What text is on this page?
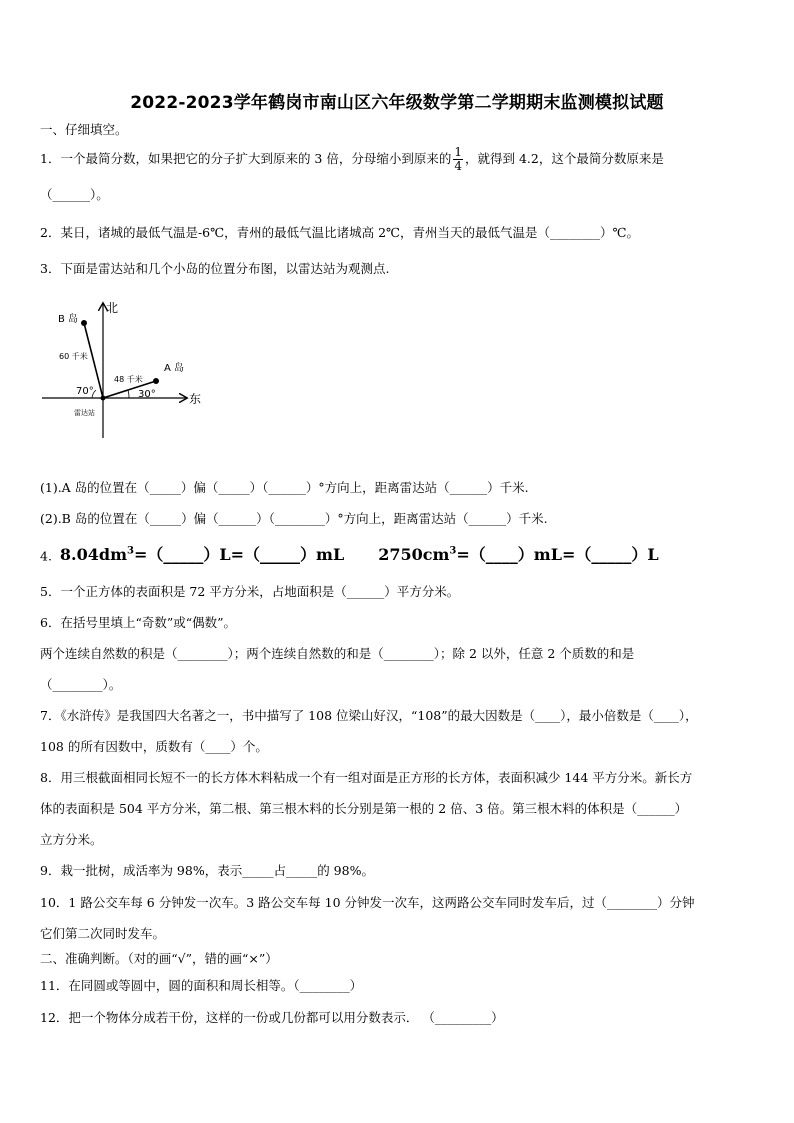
2022-2023学年鹤岗市南山区六年级数学第二学期期末监测模拟试题
一、仔细填空。
1．一个最简分数，如果把它的分子扩大到原来的 3 倍，分母缩小到原来的 $\frac{1}{4}$ ，就得到 4.2，这个最简分数原来是
（______）。
2．某日，诸城的最低气温是-6℃，青州的最低气温比诸城高 2℃，青州当天的最低气温是（________）℃。
3．下面是雷达站和几个小岛的位置分布图，以雷达站为观测点.
北
东
B 岛
A 岛
60 千米
48 千米
70°	30°
雷达站
(1).A 岛的位置在（_____）偏（_____）（______）°方向上，距离雷达站（______）千米.
(2).B 岛的位置在（_____）偏（______）（________）°方向上，距离雷达站（______）千米.
4. $8.04dm^3=(\_\_\_\_\_)L=(\_\_\_\_\_)mL$ $2750cm^3=(\_\_\_\_)mL=(\_\_\_\_\_)L$
5．一个正方体的表面积是 72 平方分米，占地面积是（______）平方分米。
6．在括号里填上“奇数”或“偶数”。
两个连续自然数的积是（________）；两个连续自然数的和是（________）；除 2 以外，任意 2 个质数的和是
（________）。
7．《水浒传》是我国四大名著之一，书中描写了 108 位梁山好汉，“108”的最大因数是（____），最小倍数是（____），
108 的所有因数中，质数有（____）个。
8．用三根截面相同长短不一的长方体木料粘成一个有一组对面是正方形的长方体，表面积减少 144 平方分米。新长方
体的表面积是 504 平方分米，第二根、第三根木料的长分别是第一根的 2 倍、3 倍。第三根木料的体积是（______）
立方分米。
9．栽一批树，成活率为 98%，表示_____占_____的 98%。
10．1 路公交车每 6 分钟发一次车。3 路公交车每 10 分钟发一次车，这两路公交车同时发车后，过（________）分钟
它们第二次同时发车。
二、准确判断。（对的画“√”，错的画“×”）
11．在同圆或等圆中，圆的面积和周长相等。（________）
12．把一个物体分成若干份，这样的一份或几份都可以用分数表示． （_________）
